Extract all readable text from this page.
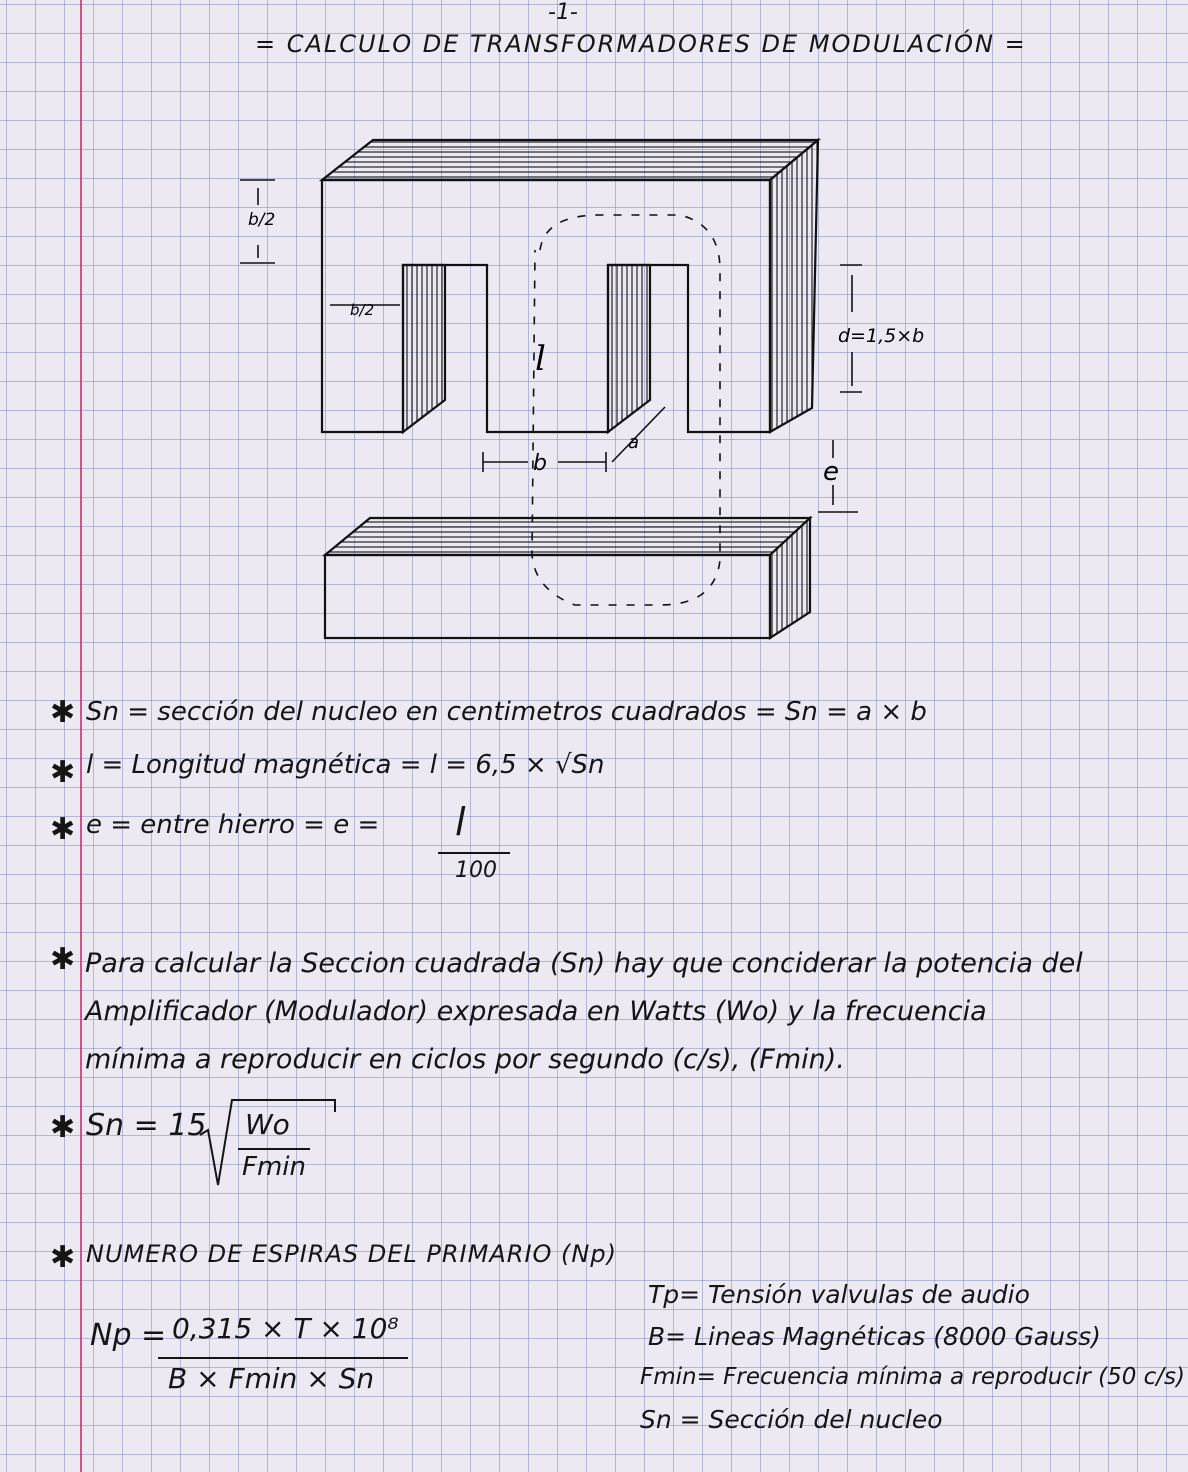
-1-
= CALCULO DE TRANSFORMADORES DE MODULACIÓN =
b/2
b/2
d=1,5×b
l
b
a
e
✱ Sn = sección del nucleo en centimetros cuadrados = Sn = a × b
✱ l = Longitud magnética = l = 6,5 × √Sn
✱ e = entre hierro = e = l
100
✱ Para calcular la Seccion cuadrada (Sn) hay que conciderar la potencia del Amplificador (Modulador) expresada en Watts (Wo) y la frecuencia mínima a reproducir en ciclos por segundo (c/s), (Fmin).
✱ Sn = 15 Wo
Fmin
✱ NUMERO DE ESPIRAS DEL PRIMARIO (Np)
Np = 0,315 × T × 10⁸
B × Fmin × Sn
Tp= Tensión valvulas de audio
B= Lineas Magnéticas (8000 Gauss)
Fmin= Frecuencia mínima a reproducir (50 c/s)
Sn = Sección del nucleo
